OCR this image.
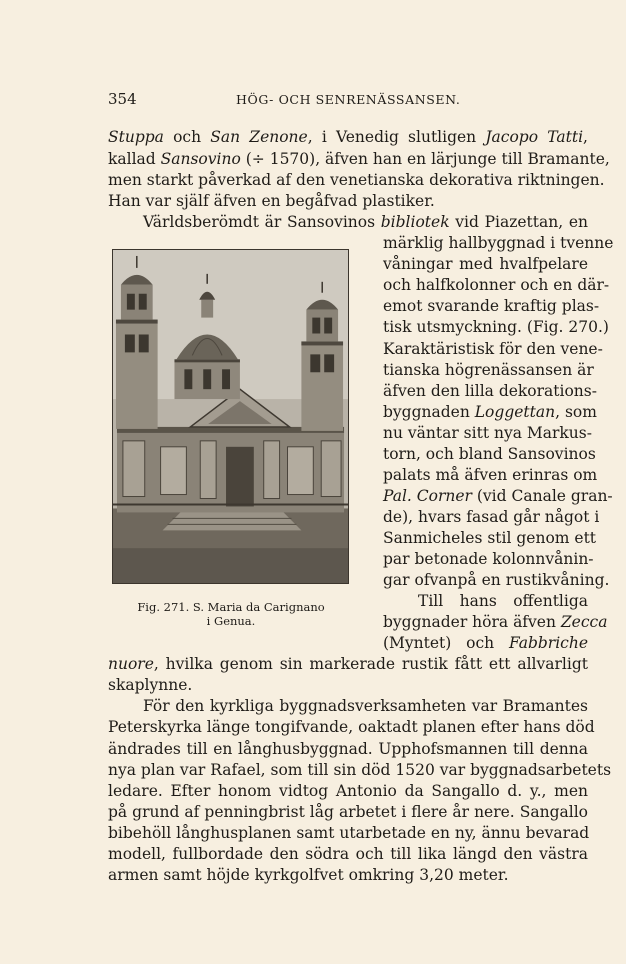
354	HÖG- OCH SENRENÄSSANSEN.
Stuppa och San Zenone, i Venedig slutligen Jacopo Tatti,
kallad Sansovino (÷ 1570), äfven han en lärjunge till Bramante,
men starkt påverkad af den venetianska dekorativa riktningen.
Han var själf äfven en begåfvad plastiker.
Världsberömdt är Sansovinos bibliotek vid Piazettan, en
märklig hallbyggnad i tvenne
våningar med hvalfpelare
och halfkolonner och en där-
emot svarande kraftig plas-
tisk utsmyckning. (Fig. 270.)
Karaktäristisk för den vene-
tianska högrenässansen är
äfven den lilla dekorations-
byggnaden Loggettan, som
nu väntar sitt nya Markus-
torn, och bland Sansovinos
palats må äfven erinras om
Pal. Corner (vid Canale gran-
de), hvars fasad går något i
Sanmicheles stil genom ett
par betonade kolonnvånin-
gar ofvanpå en rustikvåning.
Till hans offentliga
byggnader höra äfven Zecca
(Myntet) och Fabbriche
nuore, hvilka genom sin markerade rustik fått ett allvarligt
skaplynne.
För den kyrkliga byggnadsverksamheten var Bramantes
Peterskyrka länge tongifvande, oaktadt planen efter hans död
ändrades till en långhusbyggnad. Upphofsmannen till denna
nya plan var Rafael, som till sin död 1520 var byggnadsarbetets
ledare. Efter honom vidtog Antonio da Sangallo d. y., men
på grund af penningbrist låg arbetet i flere år nere. Sangallo
bibehöll långhusplanen samt utarbetade en ny, ännu bevarad
modell, fullbordade den södra och till lika längd den västra
armen samt höjde kyrkgolfvet omkring 3,20 meter.
Fig. 271. S. Maria da Carignano
i Genua.
